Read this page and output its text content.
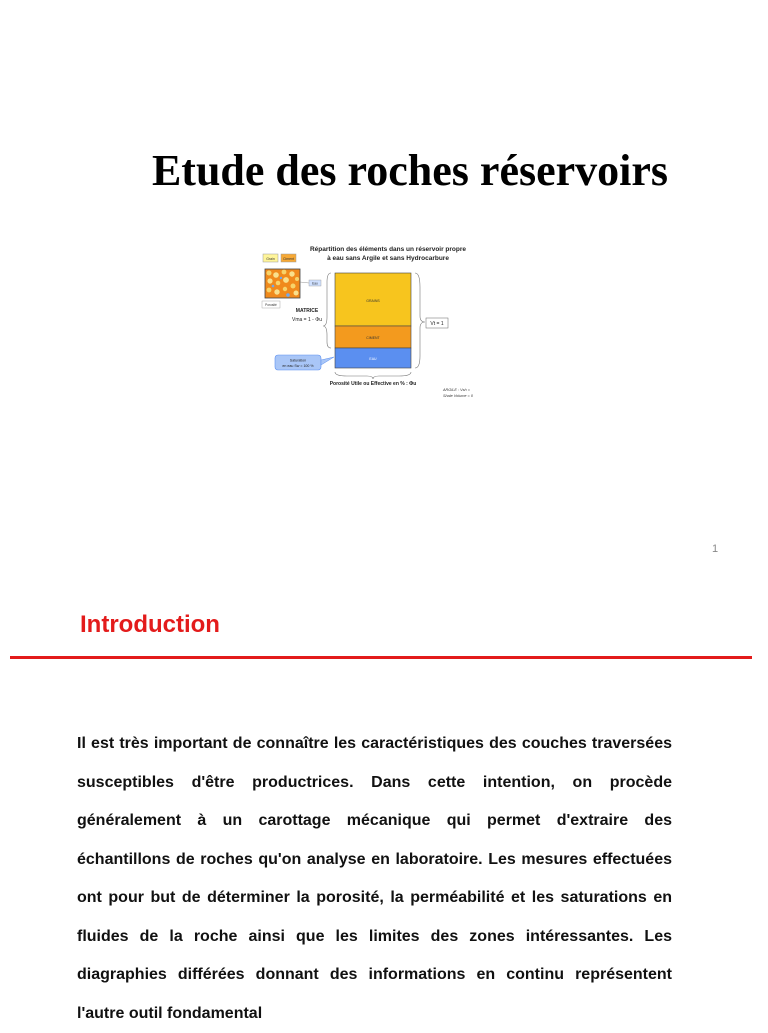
Etude des roches réservoirs
Répartition des éléments dans un réservoir propre
à eau sans Argile et sans Hydrocarbure
Grain Ciment
Eau
Porosité
MATRICE
Vma = 1 - Φu
GRAINS
CIMENT
EAU
Vt = 1
Saturation
en eau Sw = 100 %
Porosité Utile ou Effective en % : Φu
ARGILE : Vsh =
Shale Volume = 0
1
Introduction

Il est très important de connaître les caractéristiques des couches traversées susceptibles d'être productrices. Dans cette intention, on procède généralement à un carottage mécanique qui permet d'extraire des échantillons de roches qu'on analyse en laboratoire. Les mesures effectuées ont pour but de déterminer la porosité, la perméabilité et les saturations en fluides de la roche ainsi que les limites des zones intéressantes. Les diagraphies différées donnant des informations en continu représentent l'autre outil fondamental
